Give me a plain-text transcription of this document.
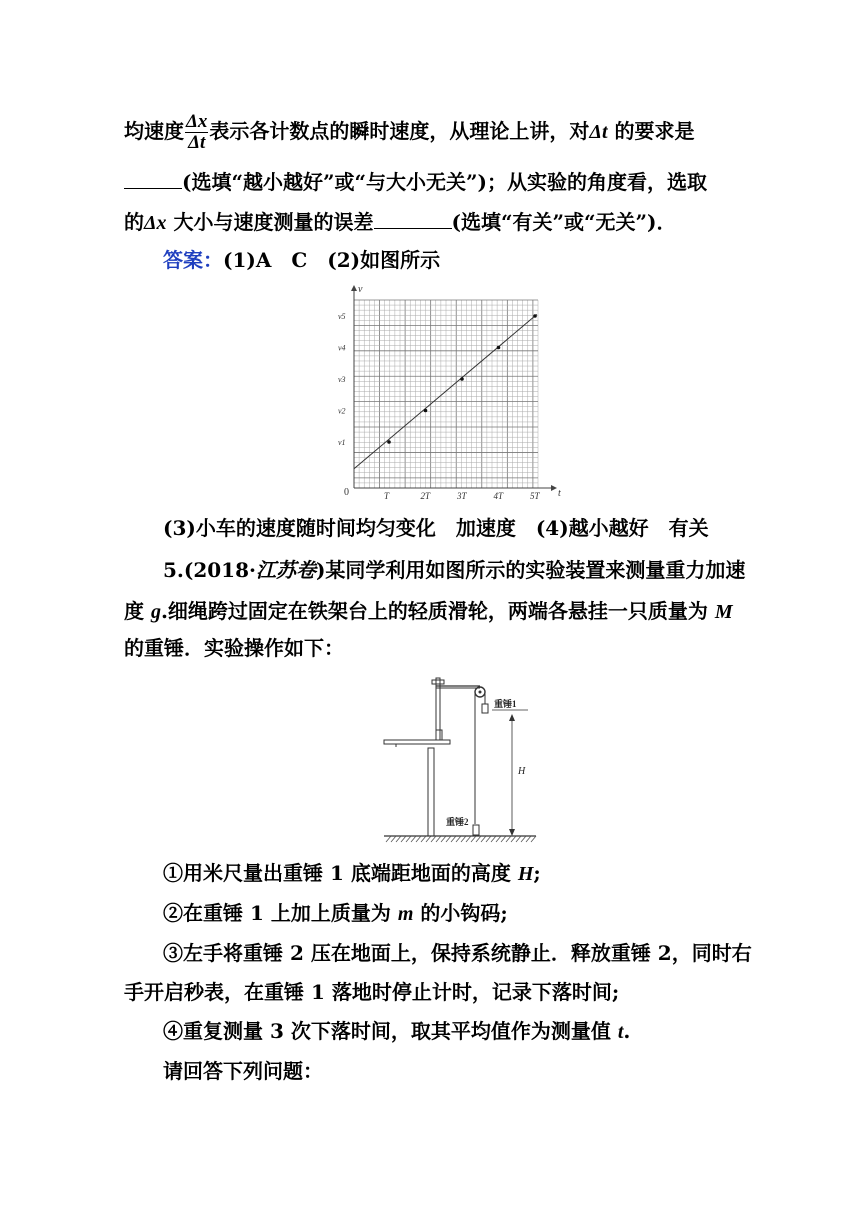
均速度 $\frac{\Delta x}{\Delta t}$ 表示各计数点的瞬时速度，从理论上讲，对Δt 的要求是
(选填“越小越好”或“与大小无关”)；从实验的角度看，选取
的Δx 大小与速度测量的误差	(选填“有关”或“无关”)．
答案：(1)A　C　(2)如图所示
t
v
0	T	2T	3T	4T	5T
v1
v2
v3
v4
v5
(3)小车的速度随时间均匀变化　加速度　(4)越小越好　有关
5.(2018·江苏卷)某同学利用如图所示的实验装置来测量重力加速
度 g.细绳跨过固定在铁架台上的轻质滑轮，两端各悬挂一只质量为 M
的重锤．实验操作如下：
重锤1
重锤2
H
①用米尺量出重锤 1 底端距地面的高度 H;
②在重锤 1 上加上质量为 m 的小钩码;
③左手将重锤 2 压在地面上，保持系统静止．释放重锤 2，同时右
手开启秒表，在重锤 1 落地时停止计时，记录下落时间;
④重复测量 3 次下落时间，取其平均值作为测量值 t.
请回答下列问题：
